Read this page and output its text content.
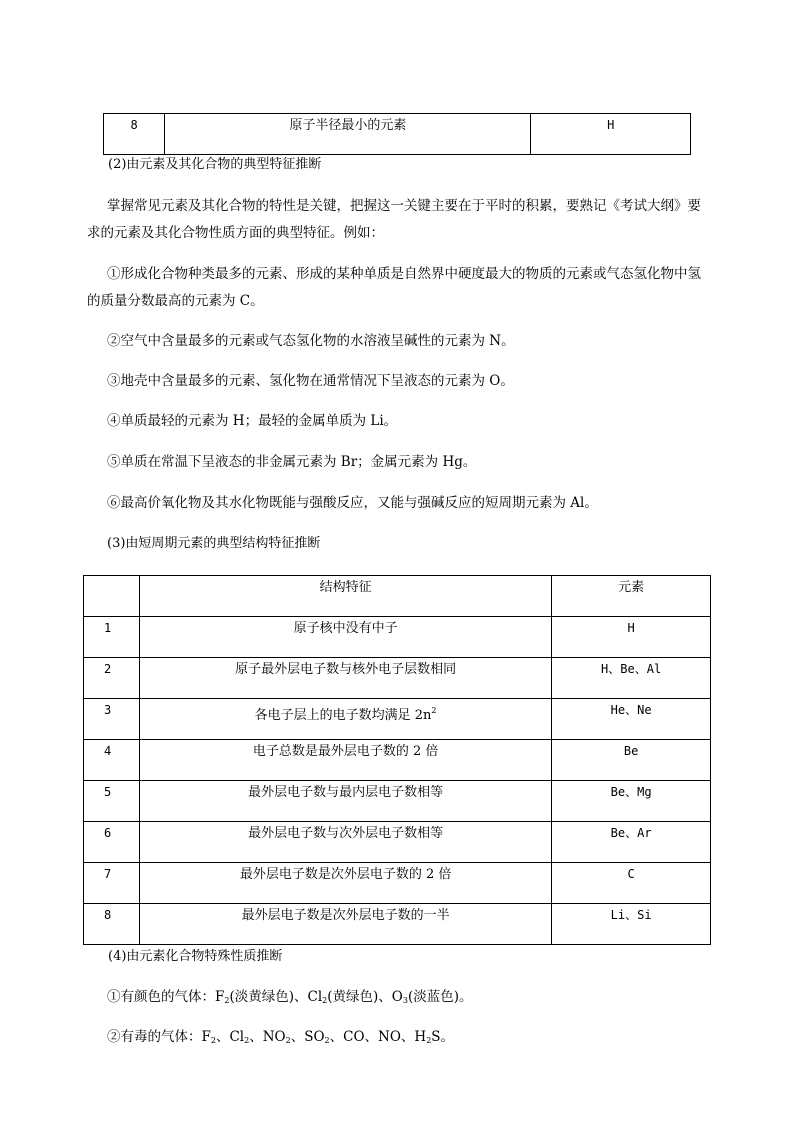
8	原子半径最小的元素	H

(2)由元素及其化合物的典型特征推断

掌握常见元素及其化合物的特性是关键，把握这一关键主要在于平时的积累，要熟记《考试大纲》要求的元素及其化合物性质方面的典型特征。例如：

①形成化合物种类最多的元素、形成的某种单质是自然界中硬度最大的物质的元素或气态氢化物中氢的质量分数最高的元素为 C。

②空气中含量最多的元素或气态氢化物的水溶液呈碱性的元素为 N。

③地壳中含量最多的元素、氢化物在通常情况下呈液态的元素为 O。

④单质最轻的元素为 H；最轻的金属单质为 Li。

⑤单质在常温下呈液态的非金属元素为 Br；金属元素为 Hg。

⑥最高价氧化物及其水化物既能与强酸反应，又能与强碱反应的短周期元素为 Al。

(3)由短周期元素的典型结构特征推断

	结构特征	元素
1	原子核中没有中子	H
2	原子最外层电子数与核外电子层数相同	H、Be、Al
3	各电子层上的电子数均满足 $2n^2$	He、Ne
4	电子总数是最外层电子数的 2 倍	Be
5	最外层电子数与最内层电子数相等	Be、Mg
6	最外层电子数与次外层电子数相等	Be、Ar
7	最外层电子数是次外层电子数的 2 倍	C
8	最外层电子数是次外层电子数的一半	Li、Si

(4)由元素化合物特殊性质推断

①有颜色的气体：$F_2$(淡黄绿色)、$Cl_2$(黄绿色)、$O_3$(淡蓝色)。

②有毒的气体：$F_2$、$Cl_2$、$NO_2$、$SO_2$、CO、NO、$H_2S$。
